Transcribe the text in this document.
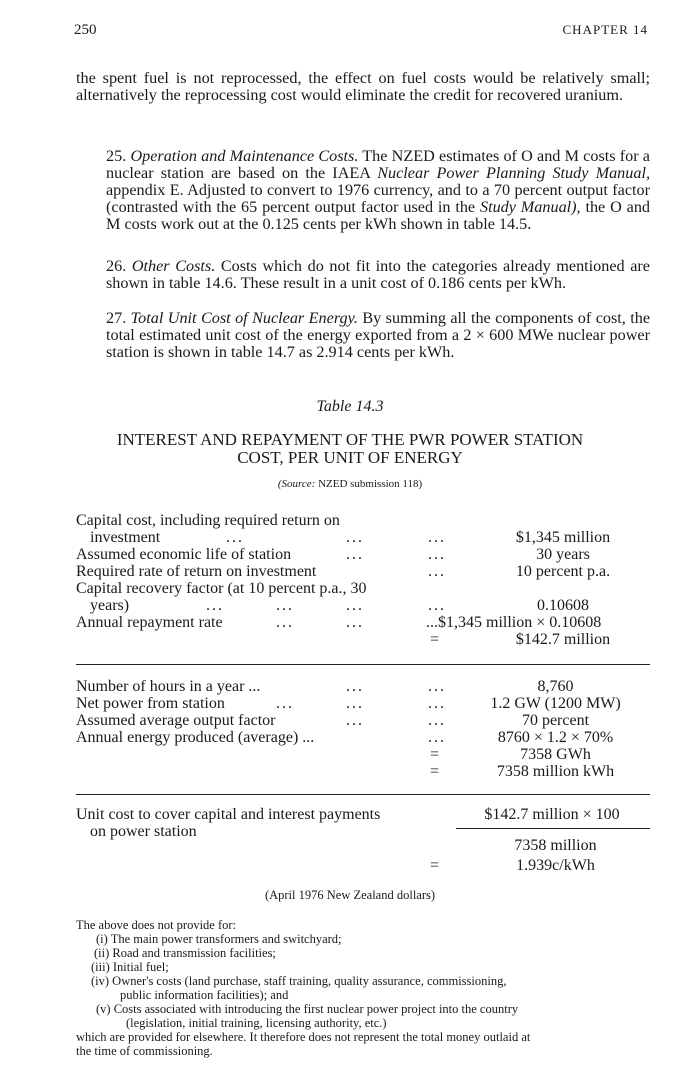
250	CHAPTER 14
the spent fuel is not reprocessed, the effect on fuel costs would be relatively small; alternatively the reprocessing cost would eliminate the credit for recovered uranium.
25. Operation and Maintenance Costs. The NZED estimates of O and M costs for a nuclear station are based on the IAEA Nuclear Power Planning Study Manual, appendix E. Adjusted to convert to 1976 currency, and to a 70 percent output factor (contrasted with the 65 percent output factor used in the Study Manual), the O and M costs work out at the 0.125 cents per kWh shown in table 14.5.
26. Other Costs. Costs which do not fit into the categories already mentioned are shown in table 14.6. These result in a unit cost of 0.186 cents per kWh.
27. Total Unit Cost of Nuclear Energy. By summing all the components of cost, the total estimated unit cost of the energy exported from a 2 × 600 MWe nuclear power station is shown in table 14.7 as 2.914 cents per kWh.
Table 14.3
INTEREST AND REPAYMENT OF THE PWR POWER STATION
COST, PER UNIT OF ENERGY
(Source: NZED submission 118)
Capital cost, including required return on
investment	...	...	...	$1,345 million
Assumed economic life of station	...	...	30 years
Required rate of return on investment	...	10 percent p.a.
Capital recovery factor (at 10 percent p.a., 30
years)	...	...	...	...	0.10608
Annual repayment rate	...	...	...$1,345 million × 0.10608
=	$142.7 million
Number of hours in a year ...	...	...	8,760
Net power from station	...	...	...	1.2 GW (1200 MW)
Assumed average output factor	...	...	70 percent
Annual energy produced (average) ...	...	8760 × 1.2 × 70%
=	7358 GWh
=	7358 million kWh
Unit cost to cover capital and interest payments	$142.7 million × 100
on power station
7358 million
=	1.939c/kWh
(April 1976 New Zealand dollars)
The above does not provide for:
(i) The main power transformers and switchyard;
(ii) Road and transmission facilities;
(iii) Initial fuel;
(iv) Owner's costs (land purchase, staff training, quality assurance, commissioning,
public information facilities); and
(v) Costs associated with introducing the first nuclear power project into the country
(legislation, initial training, licensing authority, etc.)
which are provided for elsewhere. It therefore does not represent the total money outlaid at
the time of commissioning.
